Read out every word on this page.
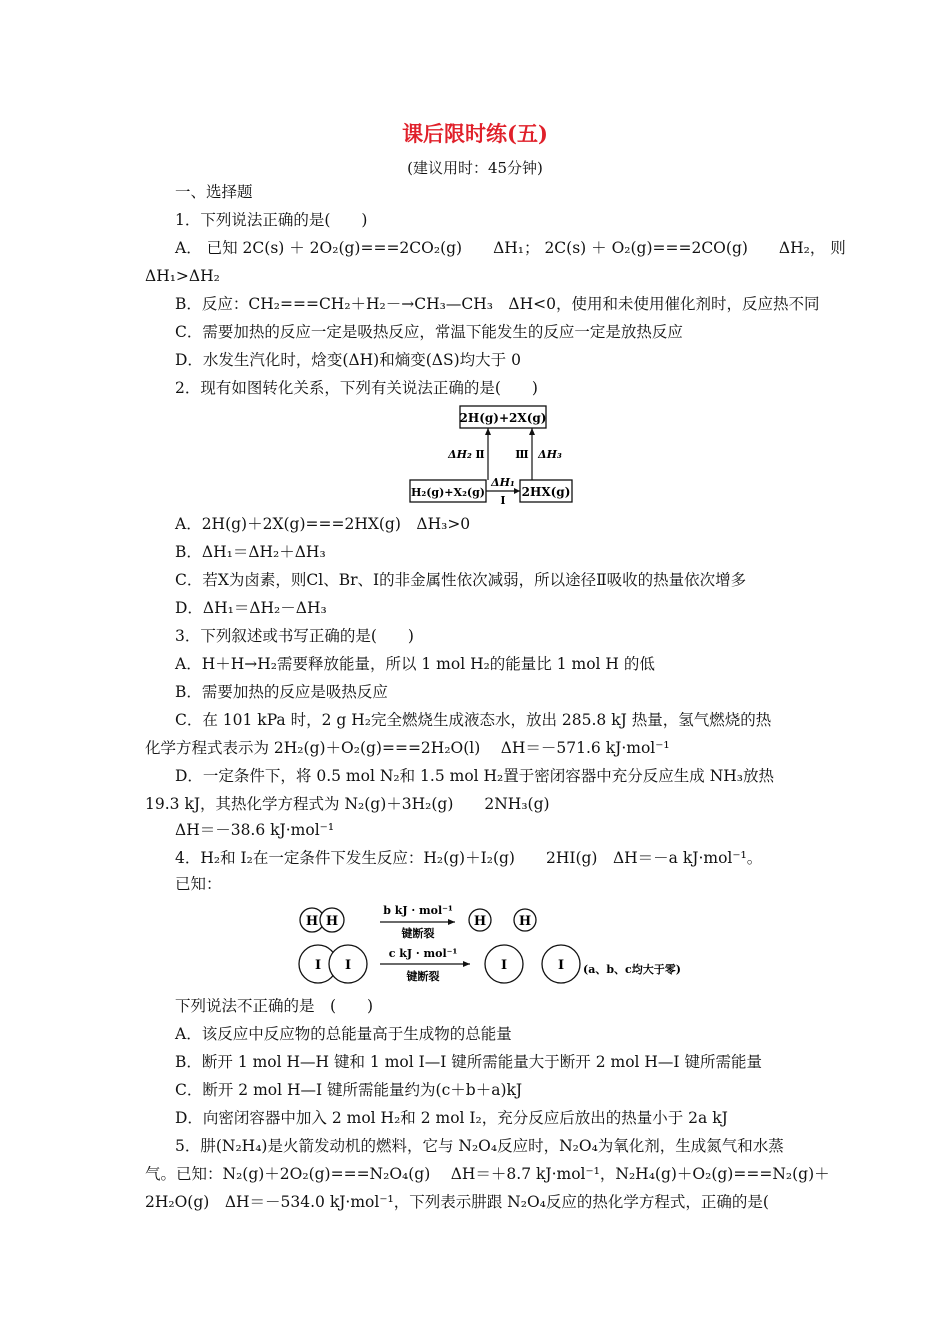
课后限时练(五)
(建议用时：45分钟)
一、选择题
1．下列说法正确的是(　　)
A． 已知 2C(s) ＋ 2O₂(g)===2CO₂(g)　　ΔH₁； 2C(s) ＋ O₂(g)===2CO(g)　　ΔH₂， 则
ΔH₁>ΔH₂
B．反应：CH₂===CH₂＋H₂－→CH₃—CH₃　ΔH<0，使用和未使用催化剂时，反应热不同
C．需要加热的反应一定是吸热反应，常温下能发生的反应一定是放热反应
D．水发生汽化时，焓变(ΔH)和熵变(ΔS)均大于 0
2．现有如图转化关系，下列有关说法正确的是(　　)
2H(g)+2X(g)
H₂(g)+X₂(g)	2HX(g)
ΔH₁
Ⅰ
ΔH₂ Ⅱ	Ⅲ ΔH₃
A．2H(g)＋2X(g)===2HX(g)　ΔH₃>0
B．ΔH₁＝ΔH₂＋ΔH₃
C．若X为卤素，则Cl、Br、I的非金属性依次减弱，所以途径Ⅱ吸收的热量依次增多
D．ΔH₁＝ΔH₂－ΔH₃
3．下列叙述或书写正确的是(　　)
A．H＋H→H₂需要释放能量，所以 1 mol H₂的能量比 1 mol H 的低
B．需要加热的反应是吸热反应
C．在 101 kPa 时，2 g H₂完全燃烧生成液态水，放出 285.8 kJ 热量，氢气燃烧的热
化学方程式表示为 2H₂(g)＋O₂(g)===2H₂O(l)　 ΔH＝－571.6 kJ·mol⁻¹
D．一定条件下，将 0.5 mol N₂和 1.5 mol H₂置于密闭容器中充分反应生成 NH₃放热
19.3 kJ，其热化学方程式为 N₂(g)＋3H₂(g)　　2NH₃(g)
ΔH＝－38.6 kJ·mol⁻¹
4．H₂和 I₂在一定条件下发生反应：H₂(g)＋I₂(g)　　2HI(g)　ΔH＝－a kJ·mol⁻¹。
已知：
H H
b kJ · mol⁻¹
键断裂
H	H
I I
c kJ · mol⁻¹
键断裂
I	I (a、b、c均大于零)
下列说法不正确的是　(　　)
A．该反应中反应物的总能量高于生成物的总能量
B．断开 1 mol H—H 键和 1 mol I—I 键所需能量大于断开 2 mol H—I 键所需能量
C．断开 2 mol H—I 键所需能量约为(c＋b＋a)kJ
D．向密闭容器中加入 2 mol H₂和 2 mol I₂，充分反应后放出的热量小于 2a kJ
5．肼(N₂H₄)是火箭发动机的燃料，它与 N₂O₄反应时，N₂O₄为氧化剂，生成氮气和水蒸
气。已知：N₂(g)＋2O₂(g)===N₂O₄(g)　 ΔH＝＋8.7 kJ·mol⁻¹，N₂H₄(g)＋O₂(g)===N₂(g)＋
2H₂O(g)　ΔH＝－534.0 kJ·mol⁻¹，下列表示肼跟 N₂O₄反应的热化学方程式，正确的是(
